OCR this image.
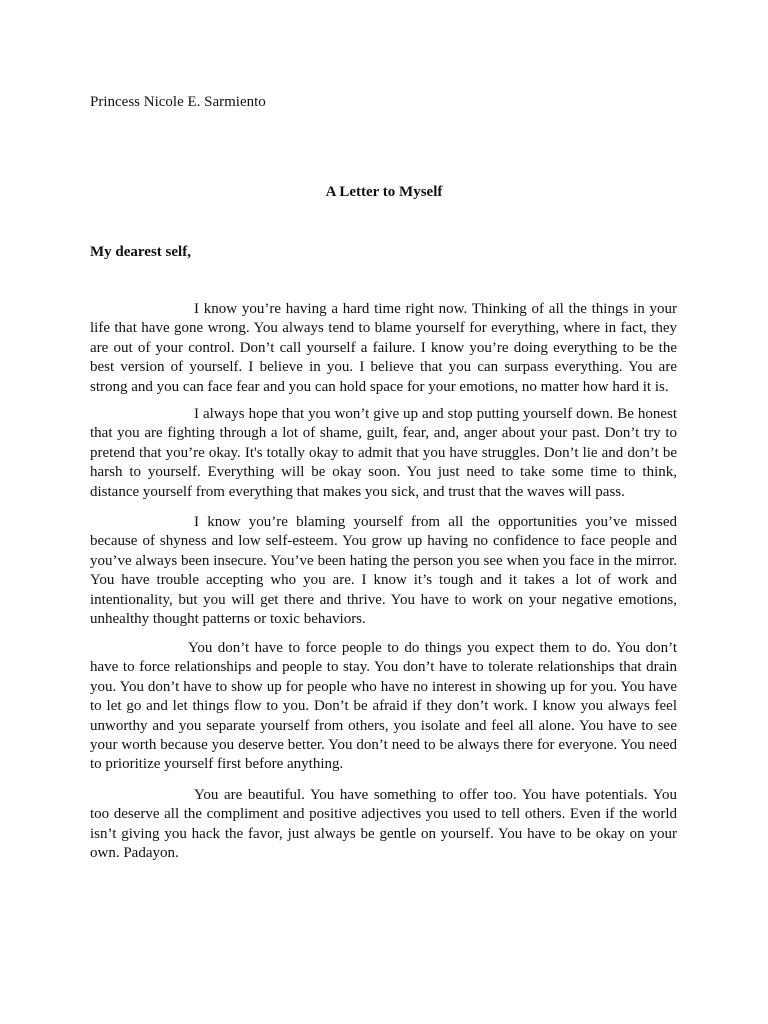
Princess Nicole E. Sarmiento
A Letter to Myself
My dearest self,

I know you’re having a hard time right now. Thinking of all the things in your life that have gone wrong. You always tend to blame yourself for everything, where in fact, they are out of your control. Don’t call yourself a failure. I know you’re doing everything to be the best version of yourself. I believe in you. I believe that you can surpass everything. You are strong and you can face fear and you can hold space for your emotions, no matter how hard it is.

I always hope that you won’t give up and stop putting yourself down. Be honest that you are fighting through a lot of shame, guilt, fear, and, anger about your past. Don’t try to pretend that you’re okay. It's totally okay to admit that you have struggles. Don’t lie and don’t be harsh to yourself. Everything will be okay soon. You just need to take some time to think, distance yourself from everything that makes you sick, and trust that the waves will pass.

I know you’re blaming yourself from all the opportunities you’ve missed because of shyness and low self-esteem. You grow up having no confidence to face people and you’ve always been insecure. You’ve been hating the person you see when you face in the mirror. You have trouble accepting who you are. I know it’s tough and it takes a lot of work and intentionality, but you will get there and thrive. You have to work on your negative emotions, unhealthy thought patterns or toxic behaviors.

You don’t have to force people to do things you expect them to do. You don’t have to force relationships and people to stay. You don’t have to tolerate relationships that drain you. You don’t have to show up for people who have no interest in showing up for you. You have to let go and let things flow to you. Don’t be afraid if they don’t work. I know you always feel unworthy and you separate yourself from others, you isolate and feel all alone. You have to see your worth because you deserve better. You don’t need to be always there for everyone. You need to prioritize yourself first before anything.

You are beautiful. You have something to offer too. You have potentials. You too deserve all the compliment and positive adjectives you used to tell others. Even if the world isn’t giving you hack the favor, just always be gentle on yourself. You have to be okay on your own. Padayon.
